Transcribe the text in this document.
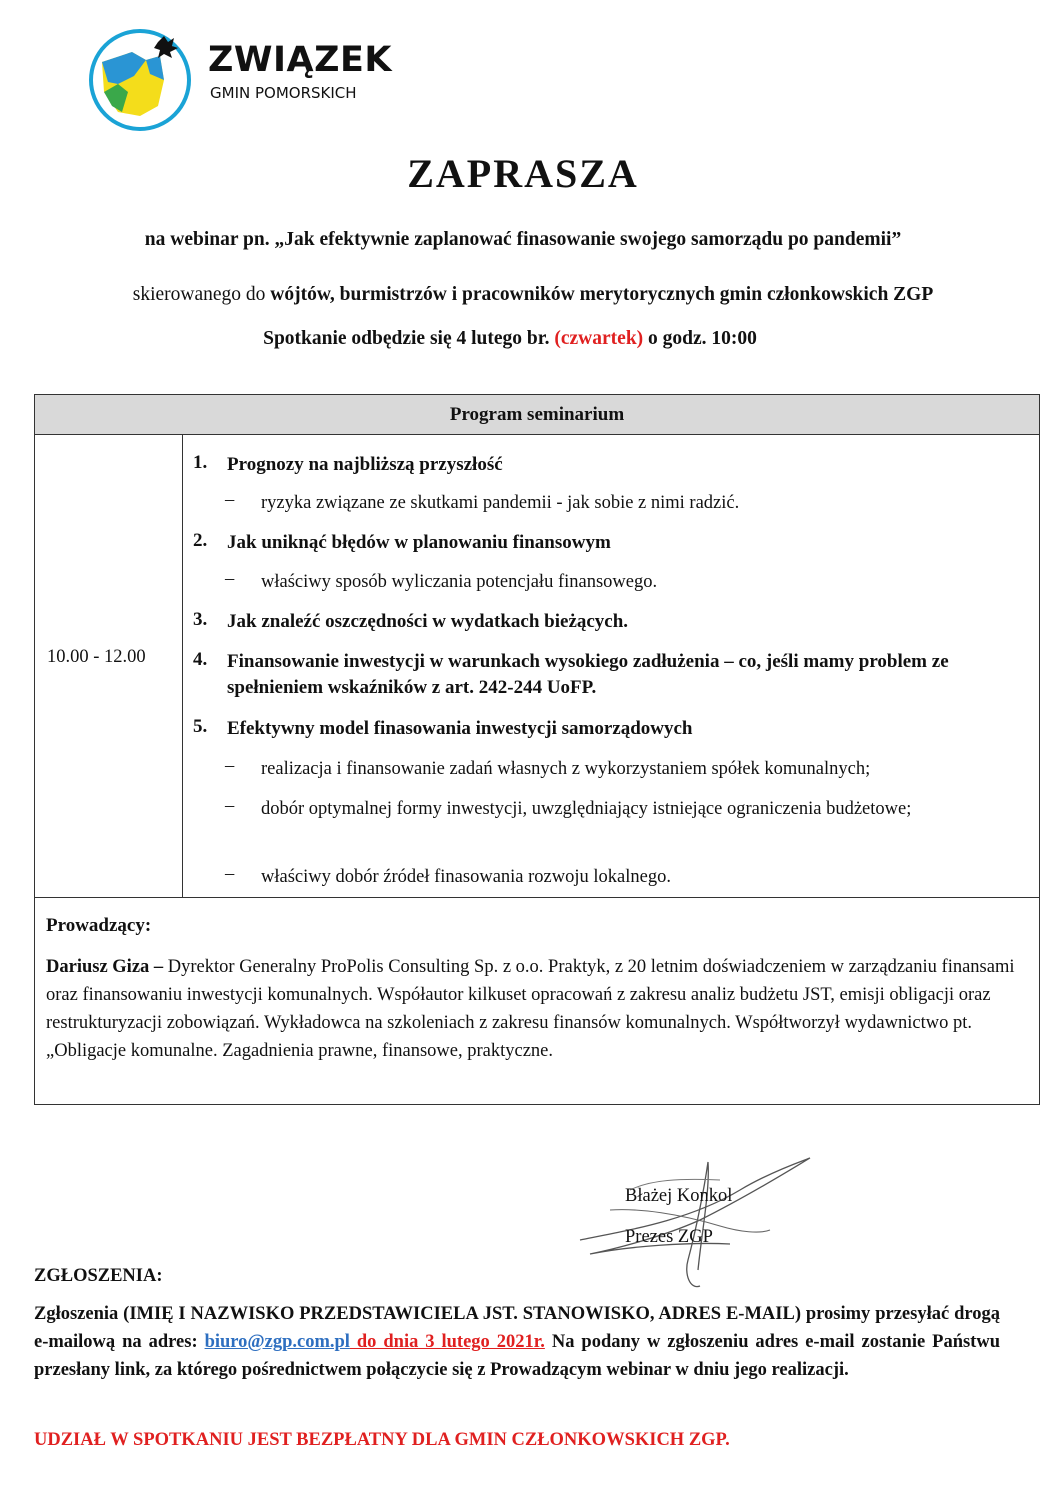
ZWIĄZEK
GMIN POMORSKICH
ZAPRASZA
na webinar pn. „Jak efektywnie zaplanować finasowanie swojego samorządu po pandemii”
skierowanego do wójtów, burmistrzów i pracowników merytorycznych gmin członkowskich ZGP
Spotkanie odbędzie się 4 lutego br. (czwartek) o godz. 10:00
Program seminarium
10.00 - 12.00
1. Prognozy na najbliższą przyszłość
– ryzyka związane ze skutkami pandemii - jak sobie z nimi radzić.
2. Jak uniknąć błędów w planowaniu finansowym
– właściwy sposób wyliczania potencjału finansowego.
3. Jak znaleźć oszczędności w wydatkach bieżących.
4. Finansowanie inwestycji w warunkach wysokiego zadłużenia – co, jeśli mamy problem ze spełnieniem wskaźników z art. 242-244 UoFP.
5. Efektywny model finasowania inwestycji samorządowych
– realizacja i finansowanie zadań własnych z wykorzystaniem spółek komunalnych;
– dobór optymalnej formy inwestycji, uwzględniający istniejące ograniczenia budżetowe;
– właściwy dobór źródeł finasowania rozwoju lokalnego.
Prowadzący:
Dariusz Giza – Dyrektor Generalny ProPolis Consulting Sp. z o.o. Praktyk, z 20 letnim doświadczeniem w zarządzaniu finansami oraz finansowaniu inwestycji komunalnych. Współautor kilkuset opracowań z zakresu analiz budżetu JST, emisji obligacji oraz restrukturyzacji zobowiązań. Wykładowca na szkoleniach z zakresu finansów komunalnych. Współtworzył wydawnictwo pt. „Obligacje komunalne. Zagadnienia prawne, finansowe, praktyczne.
Błażej Konkol
Prezes ZGP
ZGŁOSZENIA:
Zgłoszenia (IMIĘ I NAZWISKO PRZEDSTAWICIELA JST. STANOWISKO, ADRES E-MAIL) prosimy przesyłać drogą e-mailową na adres: biuro@zgp.com.pl do dnia 3 lutego 2021r. Na podany w zgłoszeniu adres e-mail zostanie Państwu przesłany link, za którego pośrednictwem połączycie się z Prowadzącym webinar w dniu jego realizacji.
UDZIAŁ W SPOTKANIU JEST BEZPŁATNY DLA GMIN CZŁONKOWSKICH ZGP.
